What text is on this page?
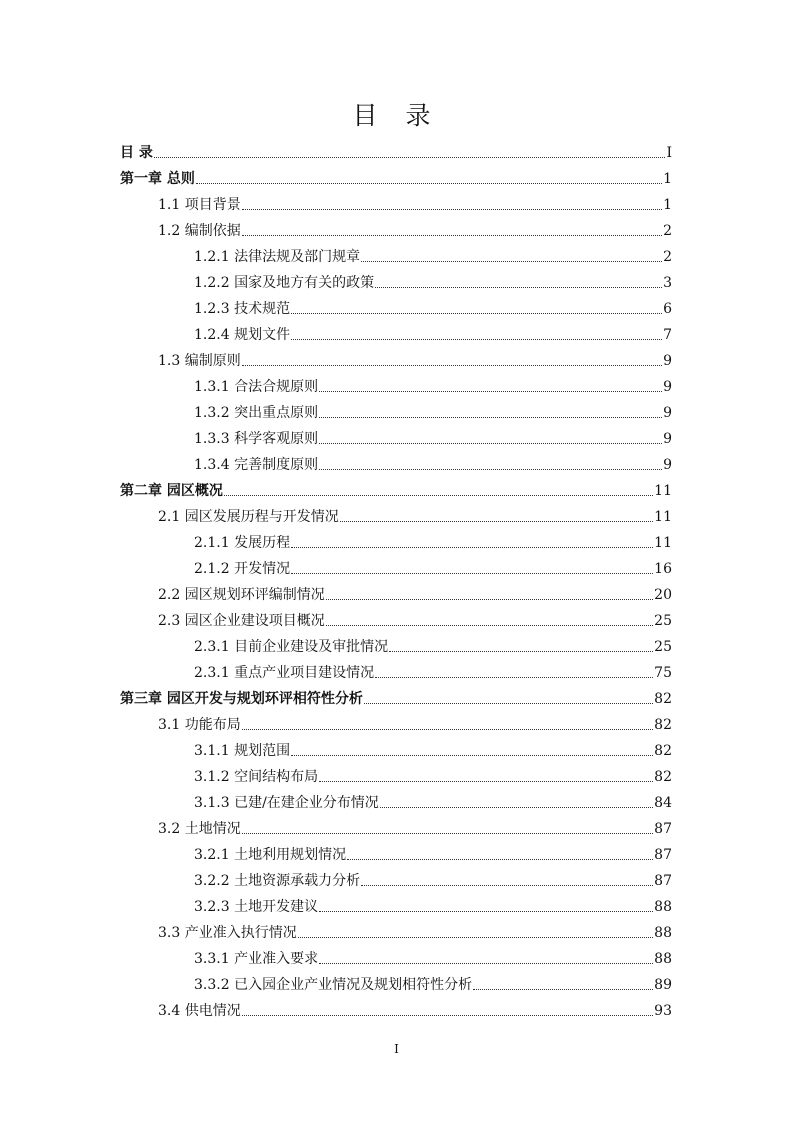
目 录
目 录	I
第一章 总则	1
1.1 项目背景	1
1.2 编制依据	2
1.2.1 法律法规及部门规章	2
1.2.2 国家及地方有关的政策	3
1.2.3 技术规范	6
1.2.4 规划文件	7
1.3 编制原则	9
1.3.1 合法合规原则	9
1.3.2 突出重点原则	9
1.3.3 科学客观原则	9
1.3.4 完善制度原则	9
第二章 园区概况	11
2.1 园区发展历程与开发情况	11
2.1.1 发展历程	11
2.1.2 开发情况	16
2.2 园区规划环评编制情况	20
2.3 园区企业建设项目概况	25
2.3.1 目前企业建设及审批情况	25
2.3.1 重点产业项目建设情况	75
第三章 园区开发与规划环评相符性分析	82
3.1 功能布局	82
3.1.1 规划范围	82
3.1.2 空间结构布局	82
3.1.3 已建/在建企业分布情况	84
3.2 土地情况	87
3.2.1 土地利用规划情况	87
3.2.2 土地资源承载力分析	87
3.2.3 土地开发建议	88
3.3 产业准入执行情况	88
3.3.1 产业准入要求	88
3.3.2 已入园企业产业情况及规划相符性分析	89
3.4 供电情况	93
I
